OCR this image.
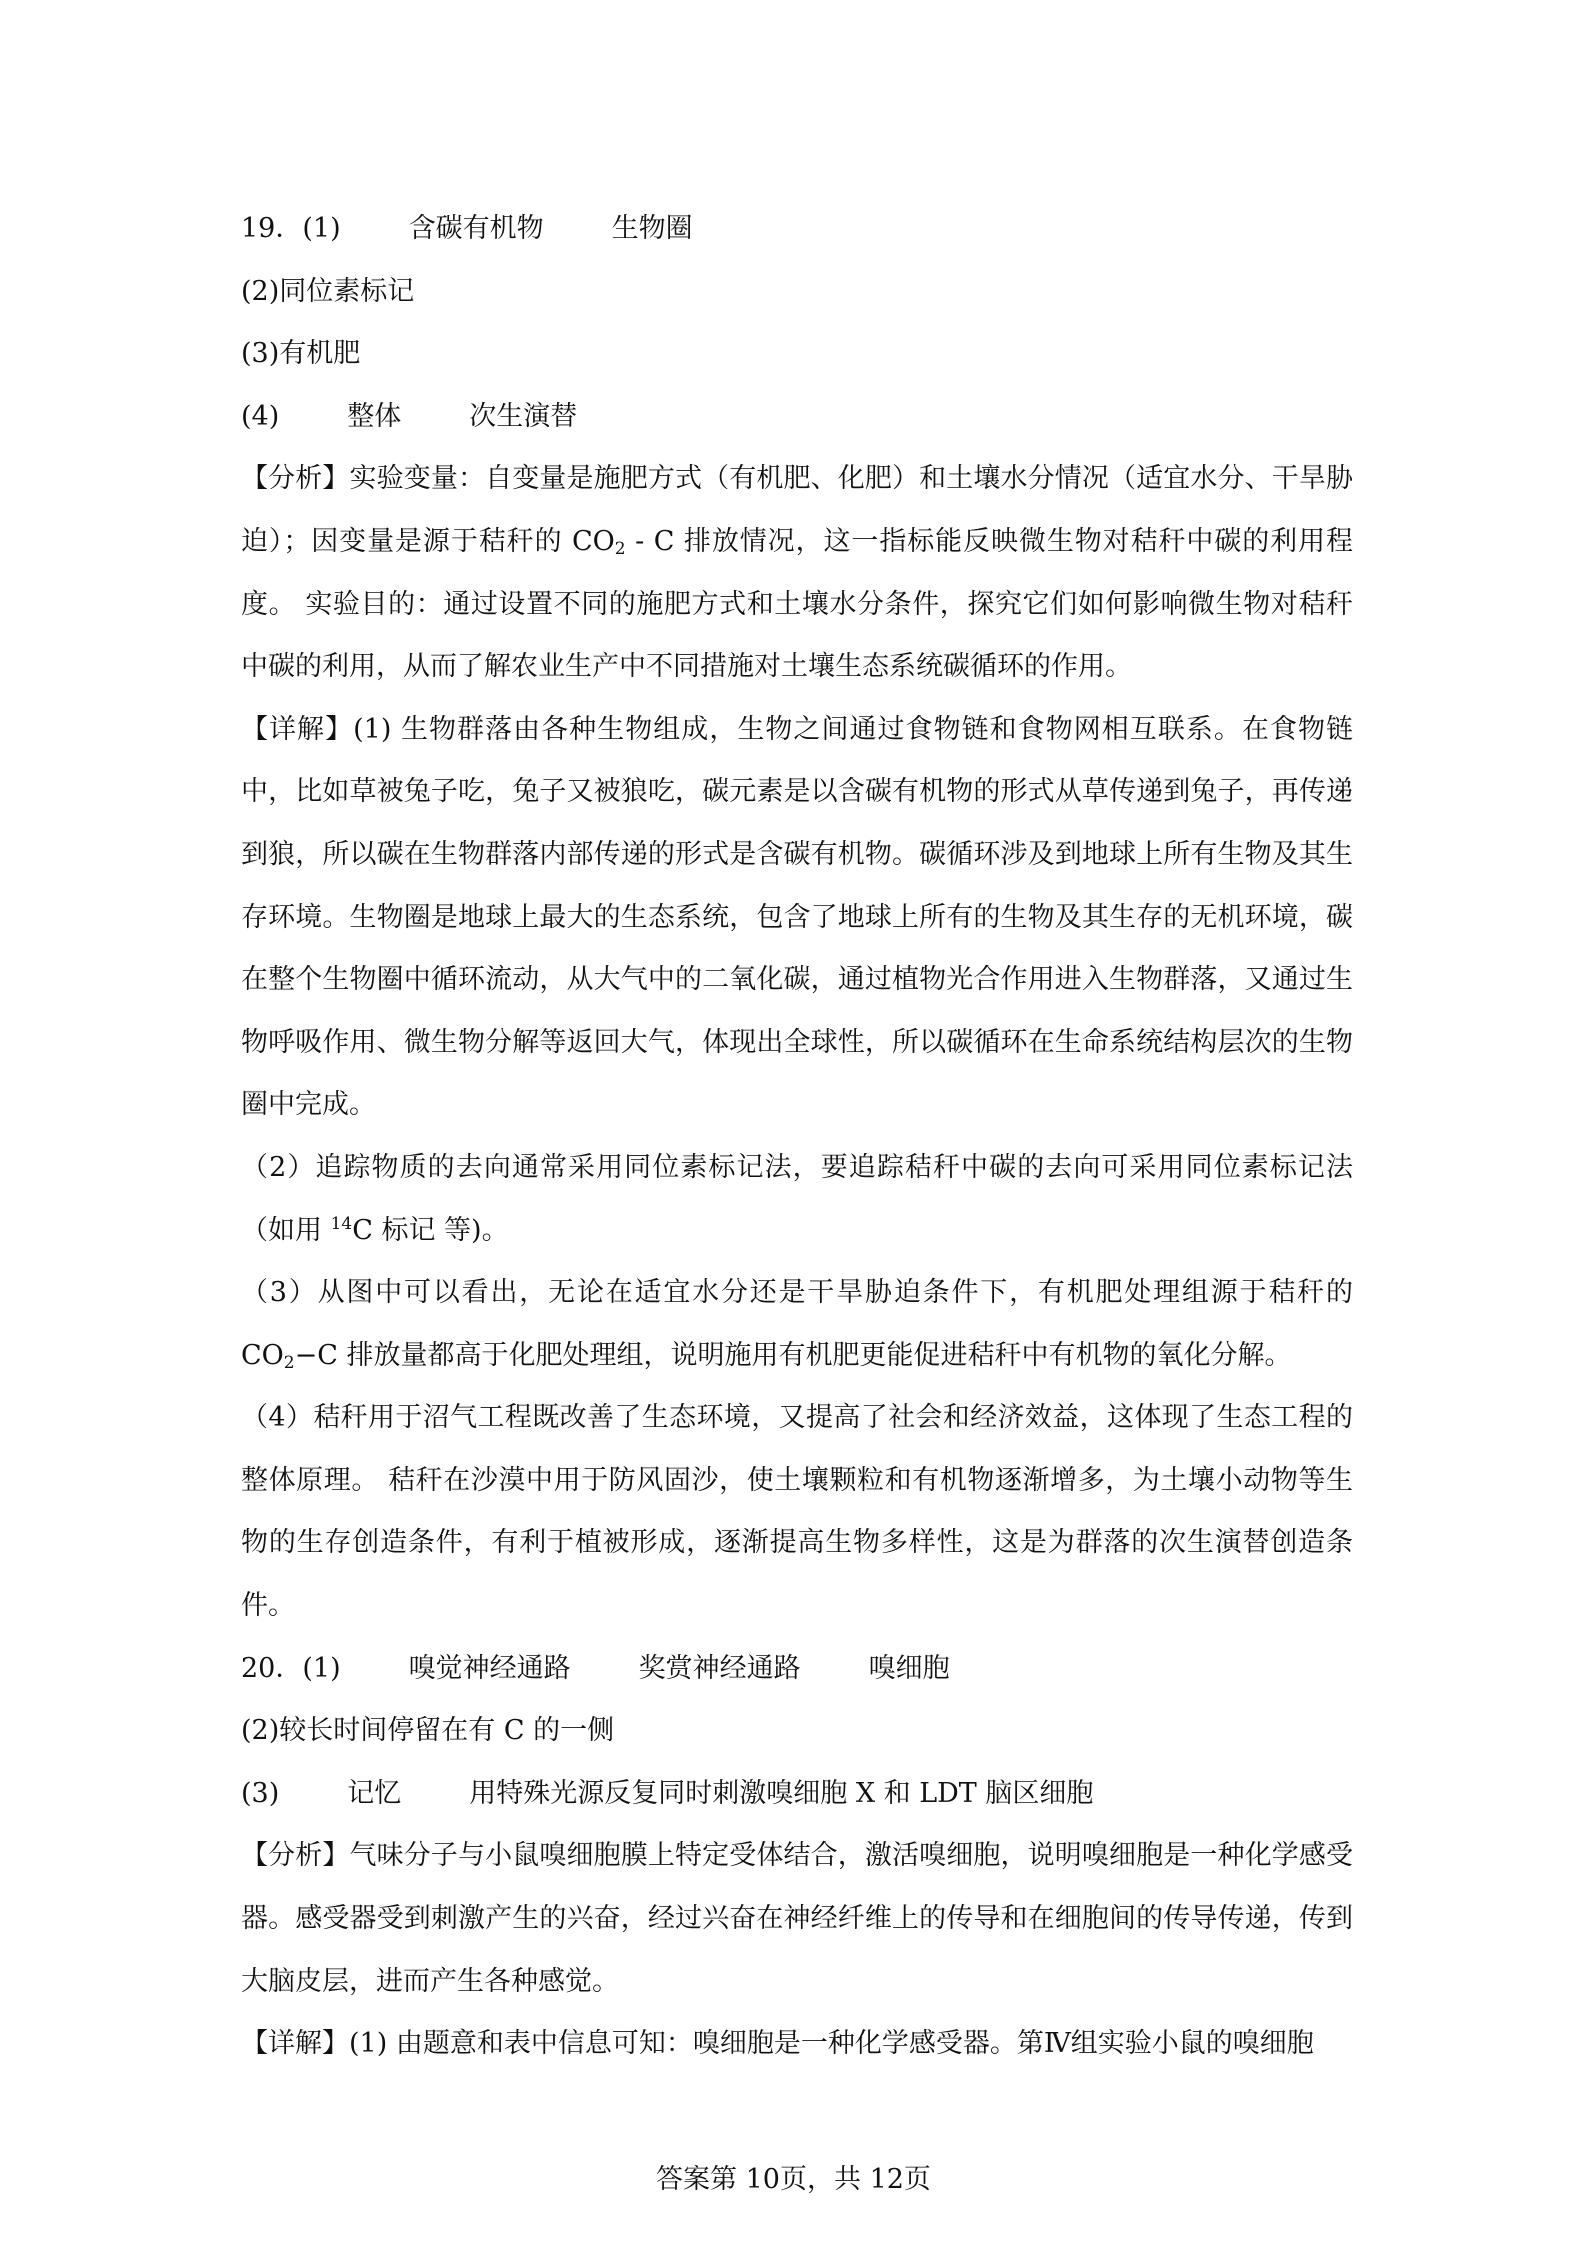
19．(1)	含碳有机物	生物圈

(2)同位素标记

(3)有机肥

(4)	整体	次生演替

【分析】实验变量：自变量是施肥方式（有机肥、化肥）和土壤水分情况（适宜水分、干旱胁迫）；因变量是源于秸秆的 $CO_2$ - C 排放情况，这一指标能反映微生物对秸秆中碳的利用程度。 实验目的：通过设置不同的施肥方式和土壤水分条件，探究它们如何影响微生物对秸秆中碳的利用，从而了解农业生产中不同措施对土壤生态系统碳循环的作用。

【详解】(1) 生物群落由各种生物组成，生物之间通过食物链和食物网相互联系。在食物链中，比如草被兔子吃，兔子又被狼吃，碳元素是以含碳有机物的形式从草传递到兔子，再传递到狼，所以碳在生物群落内部传递的形式是含碳有机物。碳循环涉及到地球上所有生物及其生存环境。生物圈是地球上最大的生态系统，包含了地球上所有的生物及其生存的无机环境，碳在整个生物圈中循环流动，从大气中的二氧化碳，通过植物光合作用进入生物群落，又通过生物呼吸作用、微生物分解等返回大气，体现出全球性，所以碳循环在生命系统结构层次的生物圈中完成。

（2）追踪物质的去向通常采用同位素标记法，要追踪秸秆中碳的去向可采用同位素标记法（如用 $^{14}$C 标记 等)。

（3）从图中可以看出，无论在适宜水分还是干旱胁迫条件下，有机肥处理组源于秸秆的$CO_2-C$ 排放量都高于化肥处理组，说明施用有机肥更能促进秸秆中有机物的氧化分解。

（4）秸秆用于沼气工程既改善了生态环境，又提高了社会和经济效益，这体现了生态工程的整体原理。 秸秆在沙漠中用于防风固沙，使土壤颗粒和有机物逐渐增多，为土壤小动物等生物的生存创造条件，有利于植被形成，逐渐提高生物多样性，这是为群落的次生演替创造条件。

20．(1)	嗅觉神经通路	奖赏神经通路	嗅细胞

(2)较长时间停留在有 C 的一侧

(3)	记忆	用特殊光源反复同时刺激嗅细胞 X 和 LDT 脑区细胞

【分析】气味分子与小鼠嗅细胞膜上特定受体结合，激活嗅细胞，说明嗅细胞是一种化学感受器。感受器受到刺激产生的兴奋，经过兴奋在神经纤维上的传导和在细胞间的传导传递，传到大脑皮层，进而产生各种感觉。

【详解】(1) 由题意和表中信息可知：嗅细胞是一种化学感受器。第Ⅳ组实验小鼠的嗅细胞

答案第 10页，共 12页
